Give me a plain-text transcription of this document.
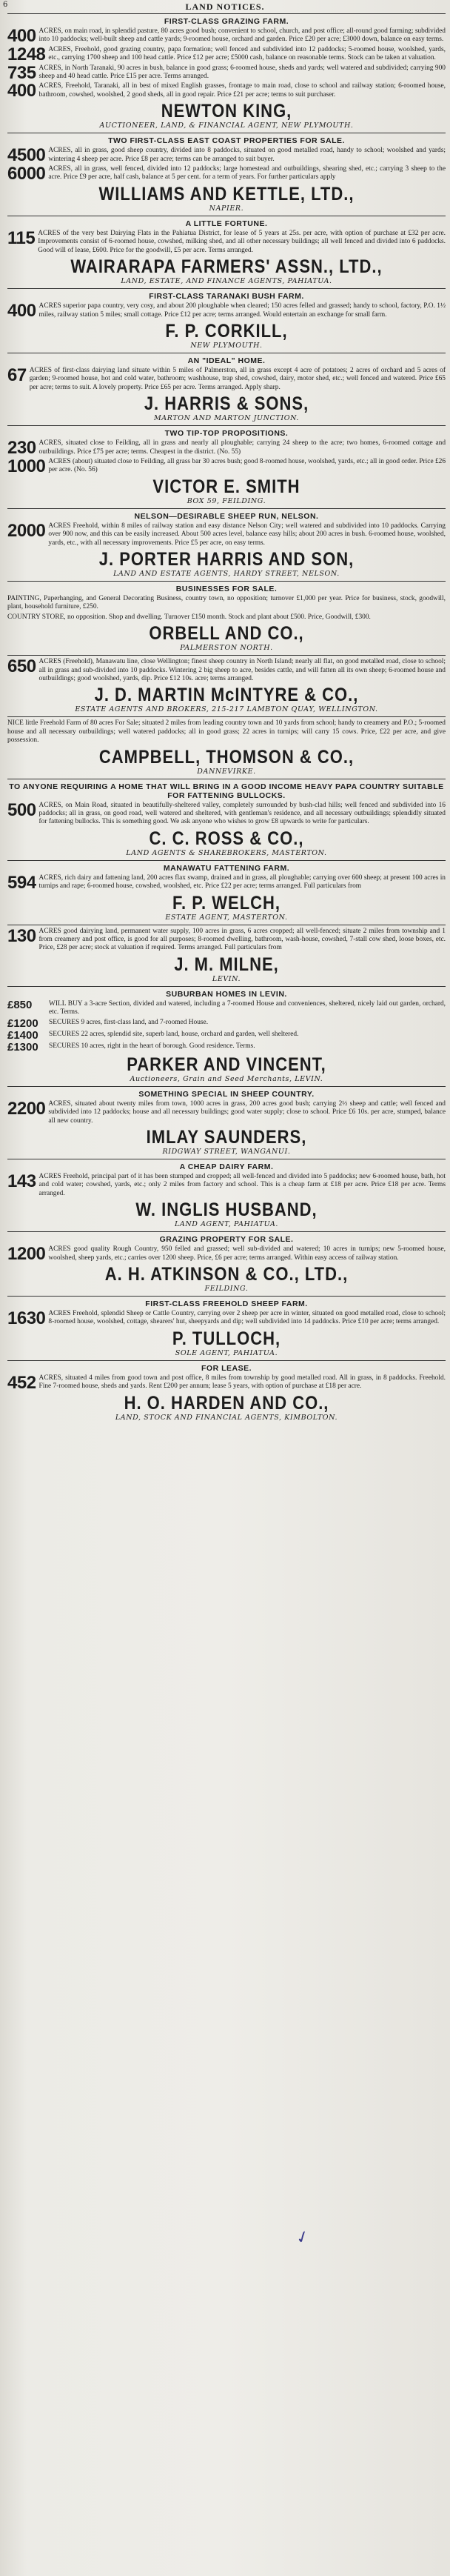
6	LAND NOTICES.
FIRST-CLASS GRAZING FARM.
400 ACRES, on main road, in splendid pasture, 80 acres good bush; convenient to school, church, and post office; all-round good farming; subdivided into 10 paddocks; well-built sheep and cattle yards; 9-roomed house, orchard and garden. Price £20 per acre; £3000 down, balance on easy terms.
1248 ACRES, Freehold, good grazing country, papa formation; well fenced and subdivided into 12 paddocks; 5-roomed house, woolshed, yards, etc., carrying 1700 sheep and 100 head cattle. Price £12 per acre; £5000 cash, balance on reasonable terms. Stock can be taken at valuation.
735 ACRES, in North Taranaki, 90 acres in bush, balance in good grass; 6-roomed house, sheds and yards; well watered and subdivided; carrying 900 sheep and 40 head cattle. Price £15 per acre. Terms arranged.
400 ACRES, Freehold, Taranaki, all in best of mixed English grasses, frontage to main road, close to school and railway station; 6-roomed house, bathroom, cowshed, woolshed, 2 good sheds, all in good repair. Price £21 per acre; terms to suit purchaser.
NEWTON KING,
AUCTIONEER, LAND, & FINANCIAL AGENT, NEW PLYMOUTH.
TWO FIRST-CLASS EAST COAST PROPERTIES FOR SALE.
4500 ACRES, all in grass, good sheep country, divided into 8 paddocks, situated on good metalled road, handy to school; woolshed and yards; wintering 4 sheep per acre. Price £8 per acre; terms can be arranged to suit buyer.
6000 ACRES, all in grass, well fenced, divided into 12 paddocks; large homestead and outbuildings, shearing shed, etc.; carrying 3 sheep to the acre. Price £9 per acre, half cash, balance at 5 per cent. for a term of years. For further particulars apply
WILLIAMS AND KETTLE, LTD.,
NAPIER.
A LITTLE FORTUNE.
115 ACRES of the very best Dairying Flats in the Pahiatua District, for lease of 5 years at 25s. per acre, with option of purchase at £32 per acre. Improvements consist of 6-roomed house, cowshed, milking shed, and all other necessary buildings; all well fenced and divided into 6 paddocks. Good will of lease, £600. Price for the goodwill, £5 per acre. Terms arranged.
WAIRARAPA FARMERS' ASSN., LTD.,
LAND, ESTATE, AND FINANCE AGENTS, PAHIATUA.
FIRST-CLASS TARANAKI BUSH FARM.
400 ACRES superior papa country, very cosy, and about 200 ploughable when cleared; 150 acres felled and grassed; handy to school, factory, P.O. 1½ miles, railway station 5 miles; small cottage. Price £12 per acre; terms arranged. Would entertain an exchange for small farm.
F. P. CORKILL,
NEW PLYMOUTH.
AN "IDEAL" HOME.
67 ACRES of first-class dairying land situate within 5 miles of Palmerston, all in grass except 4 acre of potatoes; 2 acres of orchard and 5 acres of garden; 9-roomed house, hot and cold water, bathroom; washhouse, trap shed, cowshed, dairy, motor shed, etc.; well fenced and watered. Price £65 per acre; terms to suit. A lovely property. Price £65 per acre. Terms arranged. Apply sharp.
J. HARRIS & SONS,
MARTON AND MARTON JUNCTION.
TWO TIP-TOP PROPOSITIONS.
230 ACRES, situated close to Feilding, all in grass and nearly all ploughable; carrying 24 sheep to the acre; two homes, 6-roomed cottage and outbuildings. Price £75 per acre; terms. Cheapest in the district. (No. 55)
1000 ACRES (about) situated close to Feilding, all grass bar 30 acres bush; good 8-roomed house, woolshed, yards, etc.; all in good order. Price £26 per acre. (No. 56)
VICTOR E. SMITH
BOX 59, FEILDING.
NELSON—DESIRABLE SHEEP RUN, NELSON.
2000 ACRES Freehold, within 8 miles of railway station and easy distance Nelson City; well watered and subdivided into 10 paddocks. Carrying over 900 now, and this can be easily increased. About 500 acres level, balance easy hills; about 200 acres in bush. 6-roomed house, woolshed, yards, etc., with all necessary improvements. Price £5 per acre, on easy terms.
J. PORTER HARRIS AND SON,
LAND AND ESTATE AGENTS, HARDY STREET, NELSON.
BUSINESSES FOR SALE.
PAINTING, Paperhanging, and General Decorating Business, country town, no opposition; turnover £1,000 per year. Price for business, stock, goodwill, plant, household furniture, £250.
COUNTRY STORE, no opposition. Shop and dwelling. Turnover £150 month. Stock and plant about £500. Price, Goodwill, £300.
ORBELL AND CO.,
PALMERSTON NORTH.
650 ACRES (Freehold), Manawatu line, close Wellington; finest sheep country in North Island; nearly all flat, on good metalled road, close to school; all in grass and sub-divided into 10 paddocks. Wintering 2 big sheep to acre, besides cattle, and will fatten all its own sheep; 6-roomed house and outbuildings; good woolshed, yards, dip. Price £12 10s. acre; terms arranged.
J. D. MARTIN McINTYRE & CO.,
ESTATE AGENTS AND BROKERS, 215-217 LAMBTON QUAY, WELLINGTON.
NICE little Freehold Farm of 80 acres For Sale; situated 2 miles from leading country town and 10 yards from school; handy to creamery and P.O.; 5-roomed house and all necessary outbuildings; well watered paddocks; all in good grass; 22 acres in turnips; will carry 15 cows. Price, £22 per acre, and give possession.
CAMPBELL, THOMSON & CO.,
DANNEVIRKE.
TO ANYONE REQUIRING A HOME THAT WILL BRING IN A GOOD INCOME HEAVY PAPA COUNTRY SUITABLE FOR FATTENING BULLOCKS.
500 ACRES, on Main Road, situated in beautifully-sheltered valley, completely surrounded by bush-clad hills; well fenced and subdivided into 16 paddocks; all in grass, on good road, well watered and sheltered, with gentleman's residence, and all necessary outbuildings; splendidly situated for fattening bullocks. This is something good. We ask anyone who wishes to grow £8 upwards to write for particulars.
C. C. ROSS & CO.,
LAND AGENTS & SHAREBROKERS, MASTERTON.
MANAWATU FATTENING FARM.
594 ACRES, rich dairy and fattening land, 200 acres flax swamp, drained and in grass, all ploughable; carrying over 600 sheep; at present 100 acres in turnips and rape; 6-roomed house, cowshed, woolshed, etc. Price £22 per acre; terms arranged. Full particulars from
F. P. WELCH,
ESTATE AGENT, MASTERTON.
130 ACRES good dairying land, permanent water supply, 100 acres in grass, 6 acres cropped; all well-fenced; situate 2 miles from township and 1 from creamery and post office, is good for all purposes; 8-roomed dwelling, bathroom, wash-house, cowshed, 7-stall cow shed, loose boxes, etc. Price, £28 per acre; stock at valuation if required. Terms arranged. Full particulars from
J. M. MILNE,
LEVIN.
SUBURBAN HOMES IN LEVIN.
£850	WILL BUY a 3-acre Section, divided and watered, including a 7-roomed House and conveniences, sheltered, nicely laid out garden, orchard, etc. Terms.
£1200	SECURES 9 acres, first-class land, and 7-roomed House.
£1400	SECURES 22 acres, splendid site, superb land, house, orchard and garden, well sheltered.
£1300	SECURES 10 acres, right in the heart of borough. Good residence. Terms.
PARKER AND VINCENT,
Auctioneers, Grain and Seed Merchants, LEVIN.
SOMETHING SPECIAL IN SHEEP COUNTRY.
2200 ACRES, situated about twenty miles from town, 1000 acres in grass, 200 acres good bush; carrying 2½ sheep and cattle; well fenced and subdivided into 12 paddocks; house and all necessary buildings; good water supply; close to school. Price £6 10s. per acre, stumped, balance all new country.
IMLAY SAUNDERS,
RIDGWAY STREET, WANGANUI.
A CHEAP DAIRY FARM.
143 ACRES Freehold, principal part of it has been stumped and cropped; all well-fenced and divided into 5 paddocks; new 6-roomed house, bath, hot and cold water; cowshed, yards, etc.; only 2 miles from factory and school. This is a cheap farm at £18 per acre. Price £18 per acre. Terms arranged.
W. INGLIS HUSBAND,
LAND AGENT, PAHIATUA.
GRAZING PROPERTY FOR SALE.
1200 ACRES good quality Rough Country, 950 felled and grassed; well sub-divided and watered; 10 acres in turnips; new 5-roomed house, woolshed, sheep yards, etc.; carries over 1200 sheep. Price, £6 per acre; terms arranged. Within easy access of railway station.
A. H. ATKINSON & CO., LTD.,
FEILDING.
FIRST-CLASS FREEHOLD SHEEP FARM.
1630 ACRES Freehold, splendid Sheep or Cattle Country, carrying over 2 sheep per acre in winter, situated on good metalled road, close to school; 8-roomed house, woolshed, cottage, shearers' hut, sheepyards and dip; well subdivided into 14 paddocks. Price £10 per acre; terms arranged.
P. TULLOCH,
SOLE AGENT, PAHIATUA.
FOR LEASE.
452 ACRES, situated 4 miles from good town and post office, 8 miles from township by good metalled road. All in grass, in 8 paddocks. Freehold. Fine 7-roomed house, sheds and yards. Rent £200 per annum; lease 5 years, with option of purchase at £18 per acre.
H. O. HARDEN AND CO.,
LAND, STOCK AND FINANCIAL AGENTS, KIMBOLTON.
✓
